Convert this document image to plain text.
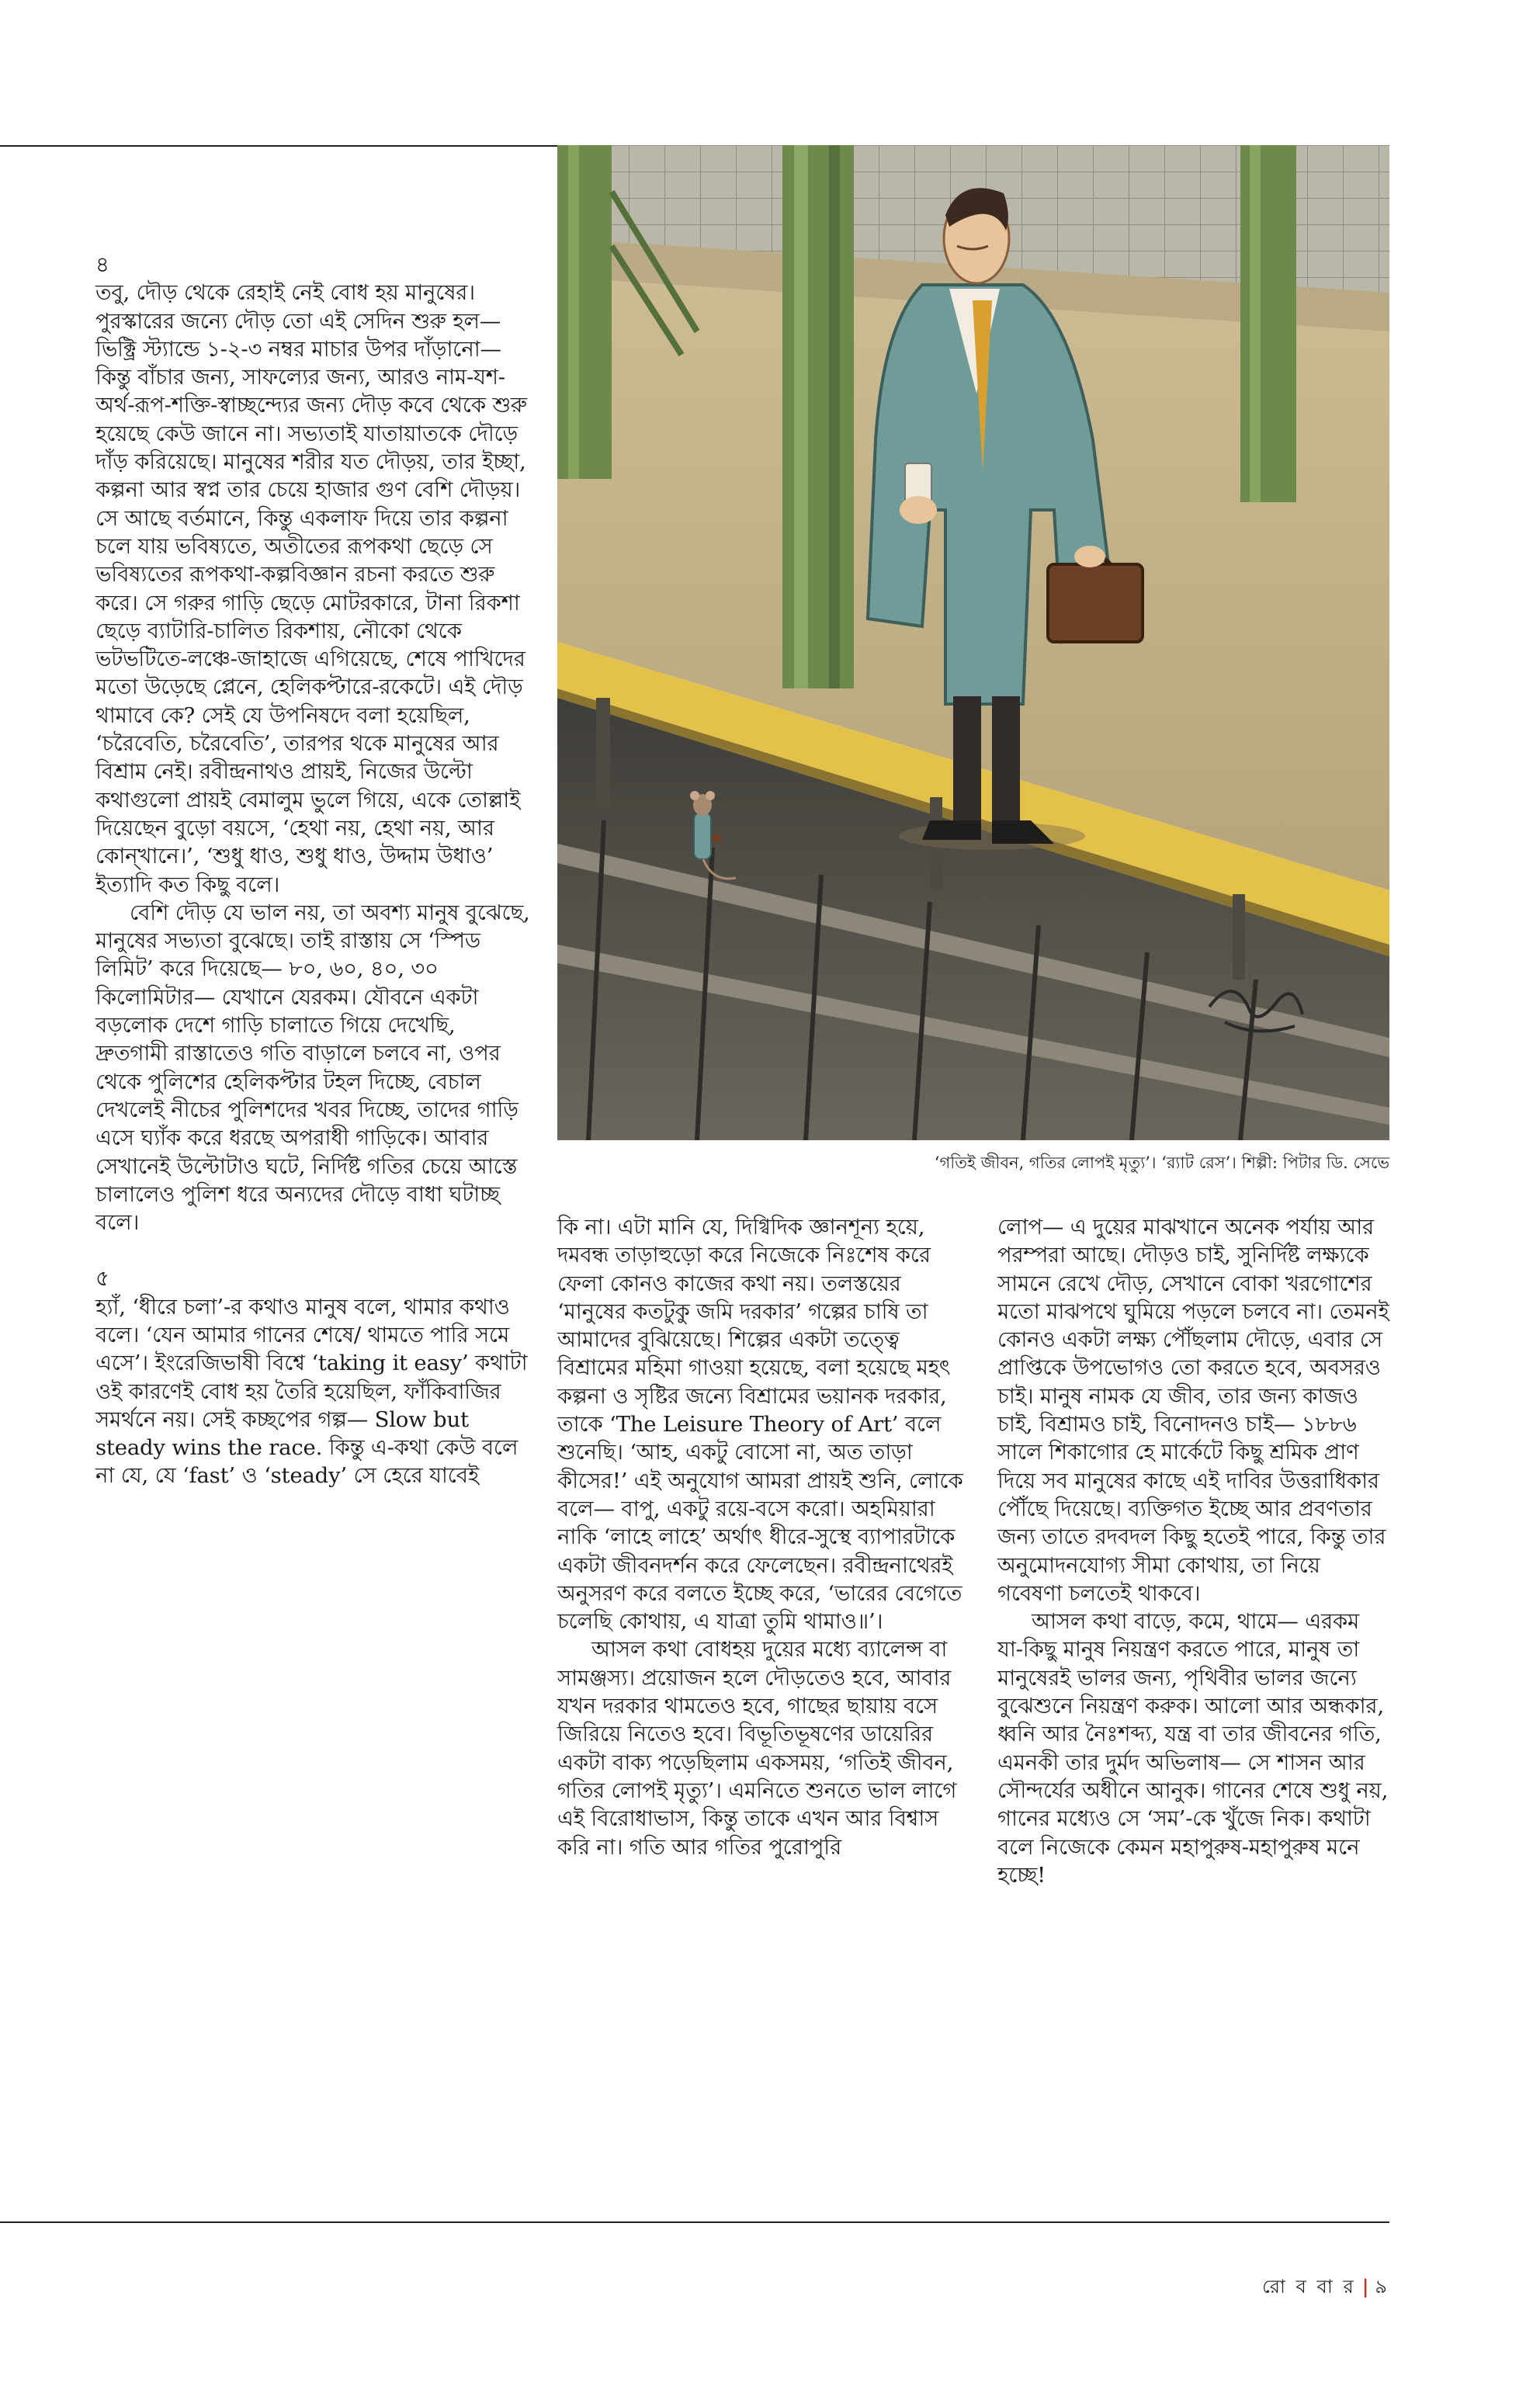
৪

তবু, দৌড় থেকে রেহাই নেই বোধ হয় মানুষের। পুরস্কারের জন্যে দৌড় তো এই সেদিন শুরু হল— ভিক্ট্রি স্ট্যান্ডে ১-২-৩ নম্বর মাচার উপর দাঁড়ানো— কিন্তু বাঁচার জন্য, সাফল্যের জন্য, আরও নাম-যশ-অর্থ-রূপ-শক্তি-স্বাচ্ছন্দ্যের জন্য দৌড় কবে থেকে শুরু হয়েছে কেউ জানে না। সভ্যতাই যাতায়াতকে দৌড়ে দাঁড় করিয়েছে। মানুষের শরীর যত দৌড়য়, তার ইচ্ছা, কল্পনা আর স্বপ্ন তার চেয়ে হাজার গুণ বেশি দৌড়য়। সে আছে বর্তমানে, কিন্তু একলাফ দিয়ে তার কল্পনা চলে যায় ভবিষ্যতে, অতীতের রূপকথা ছেড়ে সে ভবিষ্যতের রূপকথা-কল্পবিজ্ঞান রচনা করতে শুরু করে। সে গরুর গাড়ি ছেড়ে মোটরকারে, টানা রিকশা ছেড়ে ব্যাটারি-চালিত রিকশায়, নৌকো থেকে ভটভটিতে-লঞ্চে-জাহাজে এগিয়েছে, শেষে পাখিদের মতো উড়েছে প্লেনে, হেলিকপ্টারে-রকেটে। এই দৌড় থামাবে কে? সেই যে উপনিষদে বলা হয়েছিল, ‘চরৈবেতি, চরৈবেতি’, তারপর থকে মানুষের আর বিশ্রাম নেই। রবীন্দ্রনাথও প্রায়ই, নিজের উল্টো কথাগুলো প্রায়ই বেমালুম ভুলে গিয়ে, একে তোল্লাই দিয়েছেন বুড়ো বয়সে, ‘হেথা নয়, হেথা নয়, আর কোন্‌খানে।’, ‘শুধু ধাও, শুধু ধাও, উদ্দাম উধাও’ ইত্যাদি কত কিছু বলে।

বেশি দৌড় যে ভাল নয়, তা অবশ্য মানুষ বুঝেছে, মানুষের সভ্যতা বুঝেছে। তাই রাস্তায় সে ‘স্পিড লিমিট’ করে দিয়েছে— ৮০, ৬০, ৪০, ৩০ কিলোমিটার— যেখানে যেরকম। যৌবনে একটা বড়লোক দেশে গাড়ি চালাতে গিয়ে দেখেছি, দ্রুতগামী রাস্তাতেও গতি বাড়ালে চলবে না, ওপর থেকে পুলিশের হেলিকপ্টার টহল দিচ্ছে, বেচাল দেখলেই নীচের পুলিশদের খবর দিচ্ছে, তাদের গাড়ি এসে ঘ্যাঁক করে ধরছে অপরাধী গাড়িকে। আবার সেখানেই উল্টোটাও ঘটে, নির্দিষ্ট গতির চেয়ে আস্তে চালালেও পুলিশ ধরে অন্যদের দৌড়ে বাধা ঘটাচ্ছ বলে।

৫

হ্যাঁ, ‘ধীরে চলা’-র কথাও মানুষ বলে, থামার কথাও বলে। ‘যেন আমার গানের শেষে/ থামতে পারি সমে এসে’। ইংরেজিভাষী বিশ্বে ‘taking it easy’ কথাটা ওই কারণেই বোধ হয় তৈরি হয়েছিল, ফাঁকিবাজির সমর্থনে নয়। সেই কচ্ছপের গল্প— Slow but steady wins the race. কিন্তু এ-কথা কেউ বলে না যে, যে ‘fast’ ও ‘steady’ সে হেরে যাবেই

‘গতিই জীবন, গতির লোপই মৃত্যু’। ‘র‍্যাট রেস’। শিল্পী: পিটার ডি. সেভে

কি না। এটা মানি যে, দিগ্বিদিক জ্ঞানশূন্য হয়ে, দমবন্ধ তাড়াহুড়ো করে নিজেকে নিঃশেষ করে ফেলা কোনও কাজের কথা নয়। তলস্তয়ের ‘মানুষের কতটুকু জমি দরকার’ গল্পের চাষি তা আমাদের বুঝিয়েছে। শিল্পের একটা তত্ত্বে বিশ্রামের মহিমা গাওয়া হয়েছে, বলা হয়েছে মহৎ কল্পনা ও সৃষ্টির জন্যে বিশ্রামের ভয়ানক দরকার, তাকে ‘The Leisure Theory of Art’ বলে শুনেছি। ‘আহ, একটু বোসো না, অত তাড়া কীসের!’ এই অনুযোগ আমরা প্রায়ই শুনি, লোকে বলে— বাপু, একটু রয়ে-বসে করো। অহমিয়ারা নাকি ‘লাহে লাহে’ অর্থাৎ ধীরে-সুস্থে ব্যাপারটাকে একটা জীবনদর্শন করে ফেলেছেন। রবীন্দ্রনাথেরই অনুসরণ করে বলতে ইচ্ছে করে, ‘ভারের বেগেতে চলেছি কোথায়, এ যাত্রা তুমি থামাও॥’।

আসল কথা বোধহয় দুয়ের মধ্যে ব্যালেন্স বা সামঞ্জস্য। প্রয়োজন হলে দৌড়তেও হবে, আবার যখন দরকার থামতেও হবে, গাছের ছায়ায় বসে জিরিয়ে নিতেও হবে। বিভূতিভূষণের ডায়েরির একটা বাক্য পড়েছিলাম একসময়, ‘গতিই জীবন, গতির লোপই মৃত্যু’। এমনিতে শুনতে ভাল লাগে এই বিরোধাভাস, কিন্তু তাকে এখন আর বিশ্বাস করি না। গতি আর গতির পুরোপুরি

লোপ— এ দুয়ের মাঝখানে অনেক পর্যায় আর পরম্পরা আছে। দৌড়ও চাই, সুনির্দিষ্ট লক্ষ্যকে সামনে রেখে দৌড়, সেখানে বোকা খরগোশের মতো মাঝপথে ঘুমিয়ে পড়লে চলবে না। তেমনই কোনও একটা লক্ষ্য পৌঁছলাম দৌড়ে, এবার সে প্রাপ্তিকে উপভোগও তো করতে হবে, অবসরও চাই। মানুষ নামক যে জীব, তার জন্য কাজও চাই, বিশ্রামও চাই, বিনোদনও চাই— ১৮৮৬ সালে শিকাগোর হে মার্কেটে কিছু শ্রমিক প্রাণ দিয়ে সব মানুষের কাছে এই দাবির উত্তরাধিকার পৌঁছে দিয়েছে। ব্যক্তিগত ইচ্ছে আর প্রবণতার জন্য তাতে রদবদল কিছু হতেই পারে, কিন্তু তার অনুমোদনযোগ্য সীমা কোথায়, তা নিয়ে গবেষণা চলতেই থাকবে।

আসল কথা বাড়ে, কমে, থামে— এরকম যা-কিছু মানুষ নিয়ন্ত্রণ করতে পারে, মানুষ তা মানুষেরই ভালর জন্য, পৃথিবীর ভালর জন্যে বুঝেশুনে নিয়ন্ত্রণ করুক। আলো আর অন্ধকার, ধ্বনি আর নৈঃশব্দ্য, যন্ত্র বা তার জীবনের গতি, এমনকী তার দুর্মদ অভিলাষ— সে শাসন আর সৌন্দর্যের অধীনে আনুক। গানের শেষে শুধু নয়, গানের মধ্যেও সে ‘সম’-কে খুঁজে নিক। কথাটা বলে নিজেকে কেমন মহাপুরুষ-মহাপুরুষ মনে হচ্ছে!

রো ব বা র | ৯
